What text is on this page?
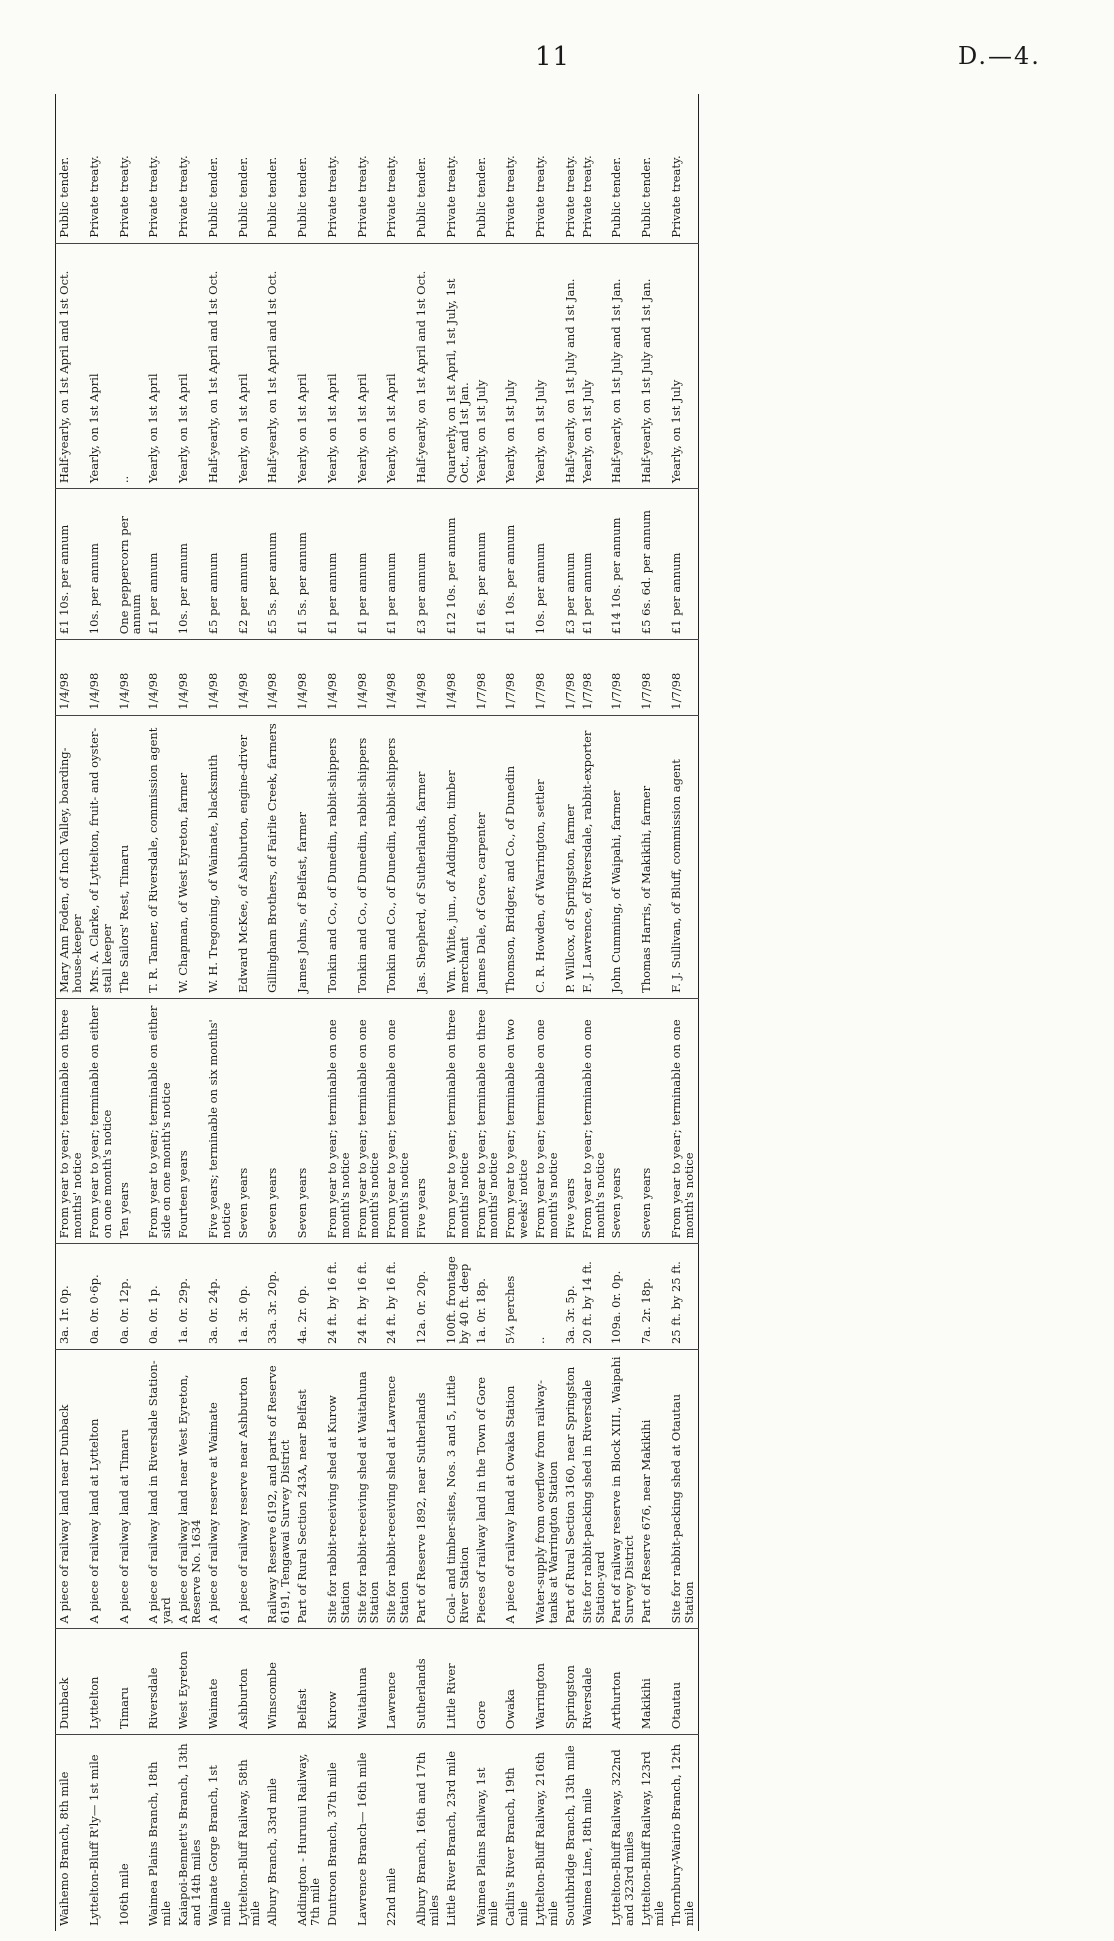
11	D.—4.
Waihemo Branch, 8th mile	Dunback	A piece of railway land near Dunback	3a. 1r. 0p.	From year to year; terminable on three months' notice	Mary Ann Foden, of Inch Valley, boarding-house-keeper	1/4/98	£1 10s. per annum	Half-yearly, on 1st April and 1st Oct.	Public tender.
Lyttelton-Bluff R'ly— 1st mile	Lyttelton	A piece of railway land at Lyttelton	0a. 0r. 0·6p.	From year to year; terminable on either on one month's notice	Mrs. A. Clarke, of Lyttelton, fruit- and oyster-stall keeper	1/4/98	10s. per annum	Yearly, on 1st April	Private treaty.
106th mile	Timaru	A piece of railway land at Timaru	0a. 0r. 12p.	Ten years	The Sailors' Rest, Timaru	1/4/98	One peppercorn per annum	..	Private treaty.
Waimea Plains Branch, 18th mile	Riversdale	A piece of railway land in Riversdale Station-yard	0a. 0r. 1p.	From year to year; terminable on either side on one month's notice	T. R. Tanner, of Riversdale, commission agent	1/4/98	£1 per annum	Yearly, on 1st April	Private treaty.
Kaiapoi-Bennett's Branch, 13th and 14th miles	West Eyreton	A piece of railway land near West Eyreton, Reserve No. 1634	1a. 0r. 29p.	Fourteen years	W. Chapman, of West Eyreton, farmer	1/4/98	10s. per annum	Yearly, on 1st April	Private treaty.
Waimate Gorge Branch, 1st mile	Waimate	A piece of railway reserve at Waimate	3a. 0r. 24p.	Five years; terminable on six months' notice	W. H. Tregoning, of Waimate, blacksmith	1/4/98	£5 per annum	Half-yearly, on 1st April and 1st Oct.	Public tender.
Lyttelton-Bluff Railway, 58th mile	Ashburton	A piece of railway reserve near Ashburton	1a. 3r. 0p.	Seven years	Edward McKee, of Ashburton, engine-driver	1/4/98	£2 per annum	Yearly, on 1st April	Public tender.
Albury Branch, 33rd mile	Winscombe	Railway Reserve 6192, and parts of Reserve 6191, Tengawai Survey District	33a. 3r. 20p.	Seven years	Gillingham Brothers, of Fairlie Creek, farmers	1/4/98	£5 5s. per annum	Half-yearly, on 1st April and 1st Oct.	Public tender.
Addington - Hurunui Railway, 7th mile	Belfast	Part of Rural Section 243A, near Belfast	4a. 2r. 0p.	Seven years	James Johns, of Belfast, farmer	1/4/98	£1 5s. per annum	Yearly, on 1st April	Public tender.
Duntroon Branch, 37th mile	Kurow	Site for rabbit-receiving shed at Kurow Station	24 ft. by 16 ft.	From year to year; terminable on one month's notice	Tonkin and Co., of Dunedin, rabbit-shippers	1/4/98	£1 per annum	Yearly, on 1st April	Private treaty.
Lawrence Branch— 16th mile	Waitahuna	Site for rabbit-receiving shed at Waitahuna Station	24 ft. by 16 ft.	From year to year; terminable on one month's notice	Tonkin and Co., of Dunedin, rabbit-shippers	1/4/98	£1 per annum	Yearly, on 1st April	Private treaty.
22nd mile	Lawrence	Site for rabbit-receiving shed at Lawrence Station	24 ft. by 16 ft.	From year to year; terminable on one month's notice	Tonkin and Co., of Dunedin, rabbit-shippers	1/4/98	£1 per annum	Yearly, on 1st April	Private treaty.
Albury Branch, 16th and 17th miles	Sutherlands	Part of Reserve 1892, near Sutherlands	12a. 0r. 20p.	Five years	Jas. Shepherd, of Sutherlands, farmer	1/4/98	£3 per annum	Half-yearly, on 1st April and 1st Oct.	Public tender.
Little River Branch, 23rd mile	Little River	Coal- and timber-sites, Nos. 3 and 5, Little River Station	100ft. frontage by 40 ft. deep	From year to year; terminable on three months' notice	Wm. White, jun., of Addington, timber merchant	1/4/98	£12 10s. per annum	Quarterly, on 1st April, 1st July, 1st Oct., and 1st Jan.	Private treaty.
Waimea Plains Railway, 1st mile	Gore	Pieces of railway land in the Town of Gore	1a. 0r. 18p.	From year to year; terminable on three months' notice	James Dale, of Gore, carpenter	1/7/98	£1 6s. per annum	Yearly, on 1st July	Public tender.
Catlin's River Branch, 19th mile	Owaka	A piece of railway land at Owaka Station	5¼ perches	From year to year; terminable on two weeks' notice	Thomson, Bridger, and Co., of Dunedin	1/7/98	£1 10s. per annum	Yearly, on 1st July	Private treaty.
Lyttelton-Bluff Railway, 216th mile	Warrington	Water-supply from overflow from railway-tanks at Warrington Station	..	From year to year; terminable on one month's notice	C. R. Howden, of Warrington, settler	1/7/98	10s. per annum	Yearly, on 1st July	Private treaty.
Southbridge Branch, 13th mile	Springston	Part of Rural Section 3160, near Springston	3a. 3r. 5p.	Five years	P. Willcox, of Springston, farmer	1/7/98	£3 per annum	Half-yearly, on 1st July and 1st Jan.	Private treaty.
Waimea Line, 18th mile	Riversdale	Site for rabbit-packing shed in Riversdale Station-yard	20 ft. by 14 ft.	From year to year; terminable on one month's notice	F. J. Lawrence, of Riversdale, rabbit-exporter	1/7/98	£1 per annum	Yearly, on 1st July	Private treaty.
Lyttelton-Bluff Railway, 322nd and 323rd miles	Arthurton	Part of railway reserve in Block XIII., Waipahi Survey District	109a. 0r. 0p.	Seven years	John Cumming, of Waipahi, farmer	1/7/98	£14 10s. per annum	Half-yearly, on 1st July and 1st Jan.	Public tender.
Lyttelton-Bluff Railway, 123rd mile	Makikihi	Part of Reserve 676, near Makikihi	7a. 2r. 18p.	Seven years	Thomas Harris, of Makikihi, farmer	1/7/98	£5 6s. 6d. per annum	Half-yearly, on 1st July and 1st Jan.	Public tender.
Thornbury-Wairio Branch, 12th mile	Otautau	Site for rabbit-packing shed at Otautau Station	25 ft. by 25 ft.	From year to year; terminable on one month's notice	F. J. Sullivan, of Bluff, commission agent	1/7/98	£1 per annum	Yearly, on 1st July	Private treaty.
